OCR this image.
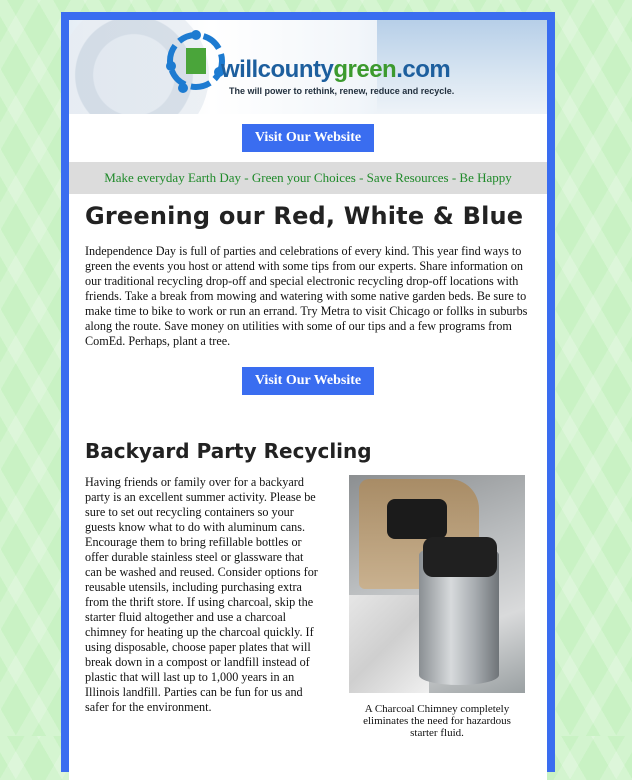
willcountygreen.com
The will power to rethink, renew, reduce and recycle.
Visit Our Website
Make everyday Earth Day - Green your Choices - Save Resources - Be Happy
Greening our Red, White & Blue
Independence Day is full of parties and celebrations of every kind. This year find ways to green the events you host or attend with some tips from our experts. Share information on our traditional recycling drop-off and special electronic recycling drop-off locations with friends. Take a break from mowing and watering with some native garden beds. Be sure to make time to bike to work or run an errand. Try Metra to visit Chicago or follks in suburbs along the route. Save money on utilities with some of our tips and a few programs from ComEd. Perhaps, plant a tree.
Visit Our Website
Backyard Party Recycling
Having friends or family over for a backyard party is an excellent summer activity. Please be sure to set out recycling containers so your guests know what to do with aluminum cans. Encourage them to bring refillable bottles or offer durable stainless steel or glassware that can be washed and reused. Consider options for reusable utensils, including purchasing extra from the thrift store. If using charcoal, skip the starter fluid altogether and use a charcoal chimney for heating up the charcoal quickly. If using disposable, choose paper plates that will break down in a compost or landfill instead of plastic that will last up to 1,000 years in an Illinois landfill. Parties can be fun for us and safer for the environment.	A Charcoal Chimney completely eliminates the need for hazardous starter fluid.
